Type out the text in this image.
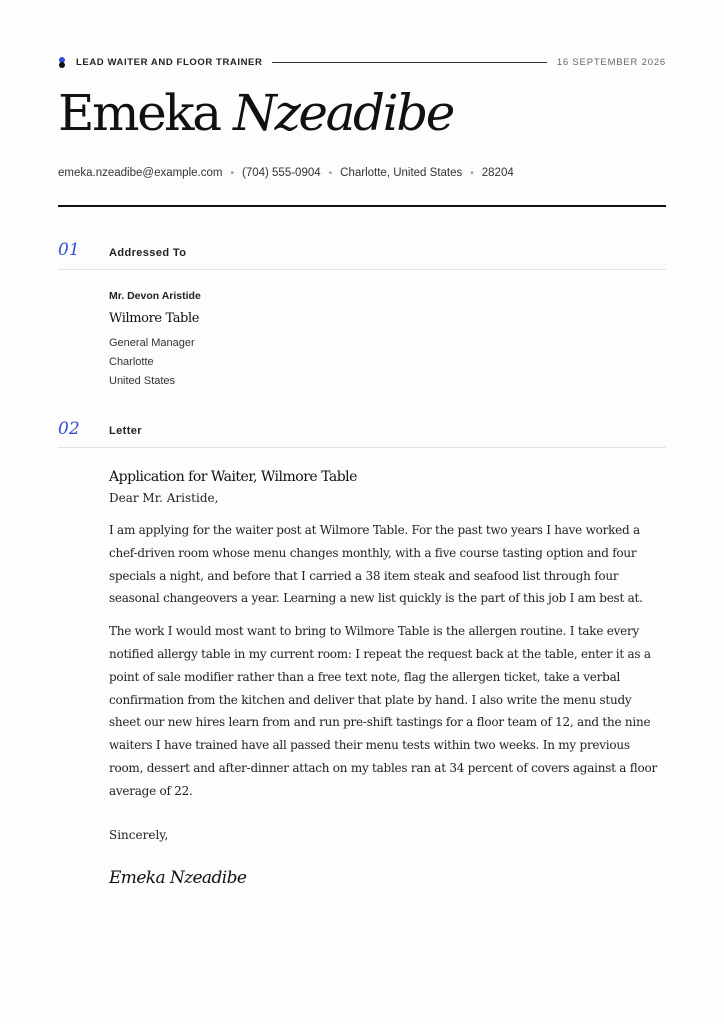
LEAD WAITER AND FLOOR TRAINER	16 SEPTEMBER 2026
Emeka Nzeadibe
emeka.nzeadibe@example.com • (704) 555-0904 • Charlotte, United States • 28204
01	Addressed To
Mr. Devon Aristide
Wilmore Table
General Manager
Charlotte
United States
02	Letter
Application for Waiter, Wilmore Table
Dear Mr. Aristide,
I am applying for the waiter post at Wilmore Table. For the past two years I have worked a chef-driven room whose menu changes monthly, with a five course tasting option and four specials a night, and before that I carried a 38 item steak and seafood list through four seasonal changeovers a year. Learning a new list quickly is the part of this job I am best at.
The work I would most want to bring to Wilmore Table is the allergen routine. I take every notified allergy table in my current room: I repeat the request back at the table, enter it as a point of sale modifier rather than a free text note, flag the allergen ticket, take a verbal confirmation from the kitchen and deliver that plate by hand. I also write the menu study sheet our new hires learn from and run pre-shift tastings for a floor team of 12, and the nine waiters I have trained have all passed their menu tests within two weeks. In my previous room, dessert and after-dinner attach on my tables ran at 34 percent of covers against a floor average of 22.
Sincerely,
Emeka Nzeadibe
